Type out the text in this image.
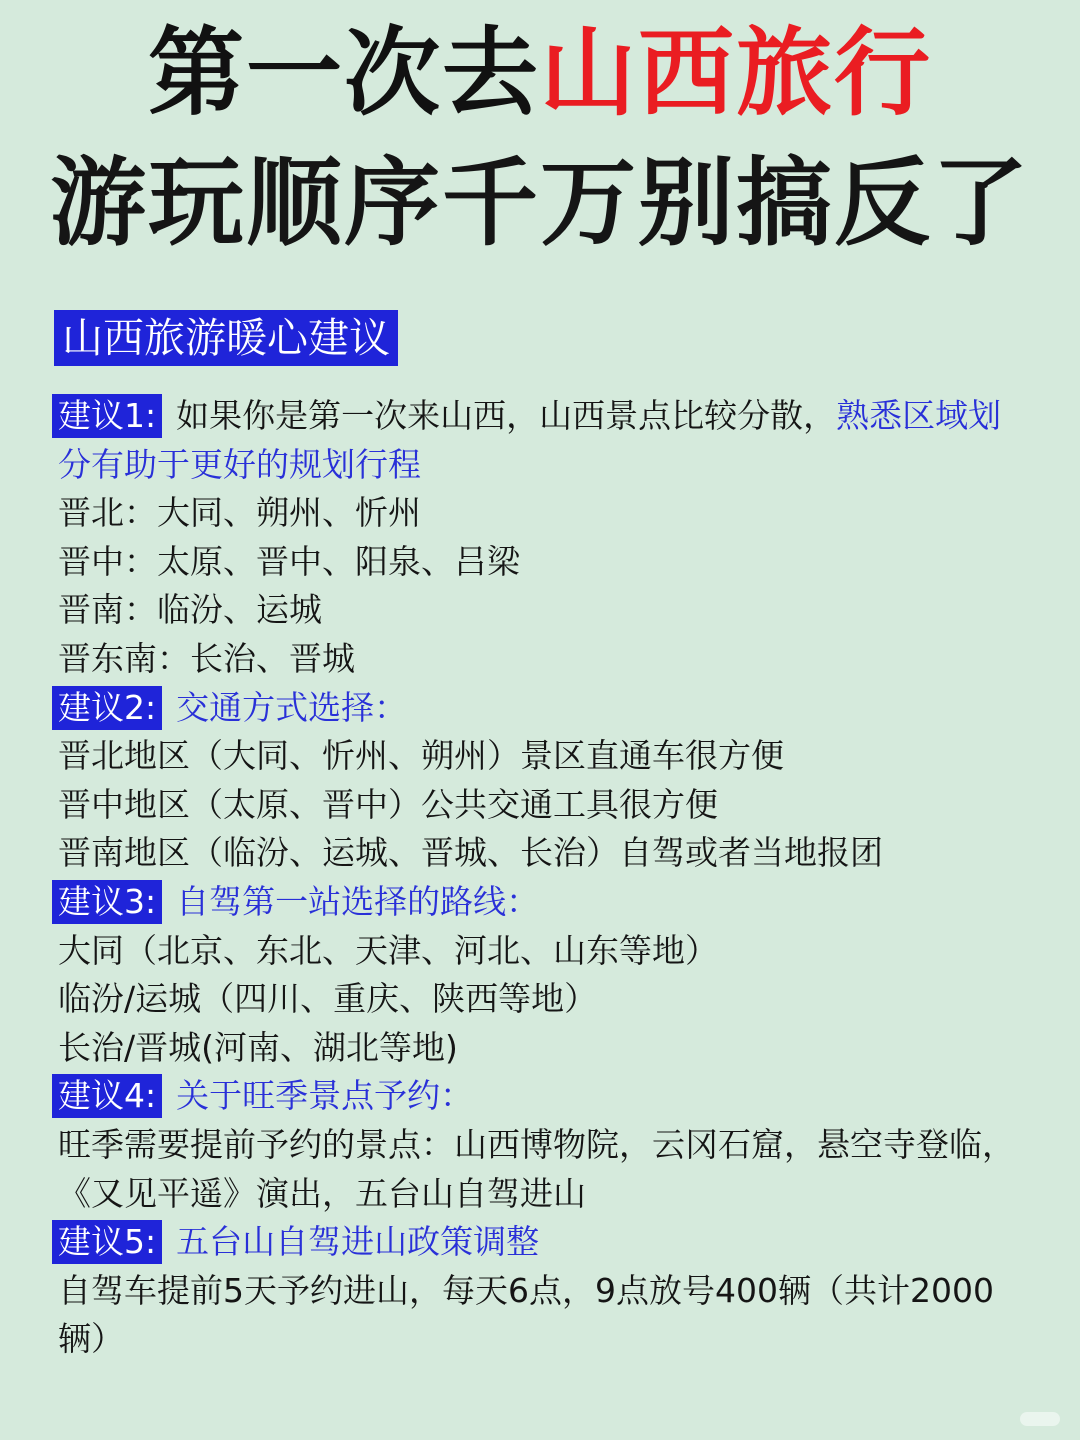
第一次去山西旅行
游玩顺序千万别搞反了
山西旅游暖心建议
建议1: 如果你是第一次来山西，山西景点比较分散，熟悉区域划
分有助于更好的规划行程
晋北：大同、朔州、忻州
晋中：太原、晋中、阳泉、吕梁
晋南：临汾、运城
晋东南：长治、晋城
建议2: 交通方式选择：
晋北地区（大同、忻州、朔州）景区直通车很方便
晋中地区（太原、晋中）公共交通工具很方便
晋南地区（临汾、运城、晋城、长治）自驾或者当地报团
建议3: 自驾第一站选择的路线：
大同（北京、东北、天津、河北、山东等地）
临汾/运城（四川、重庆、陕西等地）
长治/晋城(河南、湖北等地)
建议4: 关于旺季景点予约：
旺季需要提前予约的景点：山西博物院，云冈石窟，悬空寺登临，
《又见平遥》演出，五台山自驾进山
建议5: 五台山自驾进山政策调整
自驾车提前5天予约进山，每天6点，9点放号400辆（共计2000
辆）
